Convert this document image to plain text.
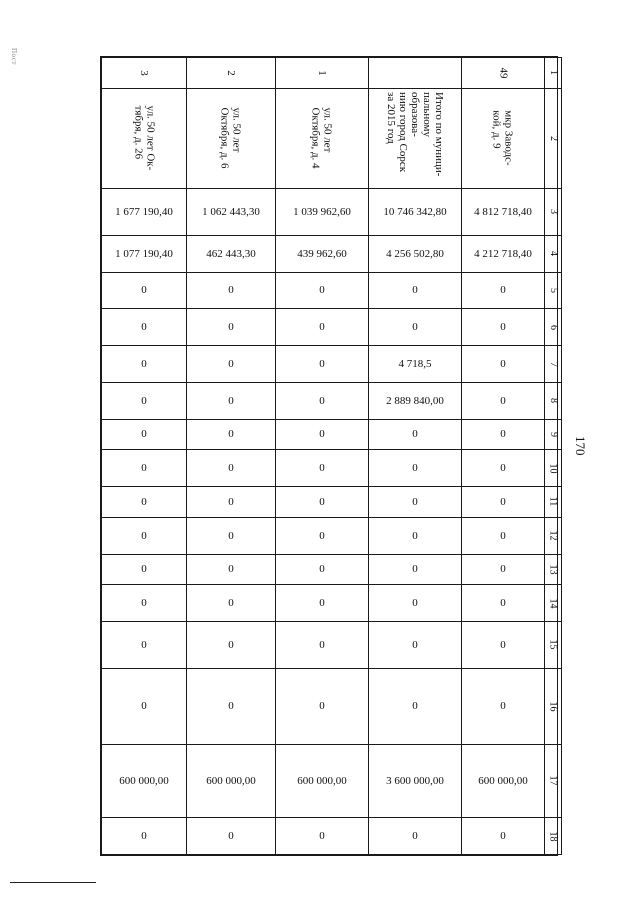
Пост
170
3	2	1		49	1
ул. 50 лет Ок-
тября, д. 26	ул. 50 лет
Октября, д. 6	ул. 50 лет
Октября, д. 4	Итого по муници-
пальному образова-
нию город Сорск
за 2015 год	мкр Заводс-
кой, д. 9	2
1 677 190,40	1 062 443,30	1 039 962,60	10 746 342,80	4 812 718,40	3
1 077 190,40	462 443,30	439 962,60	4 256 502,80	4 212 718,40	4
0	0	0	0	0	5
0	0	0	0	0	6
0	0	0	4 718,5	0	7
0	0	0	2 889 840,00	0	8
0	0	0	0	0	9
0	0	0	0	0	10
0	0	0	0	0	11
0	0	0	0	0	12
0	0	0	0	0	13
0	0	0	0	0	14
0	0	0	0	0	15
0	0	0	0	0	16
600 000,00	600 000,00	600 000,00	3 600 000,00	600 000,00	17
0	0	0	0	0	18
